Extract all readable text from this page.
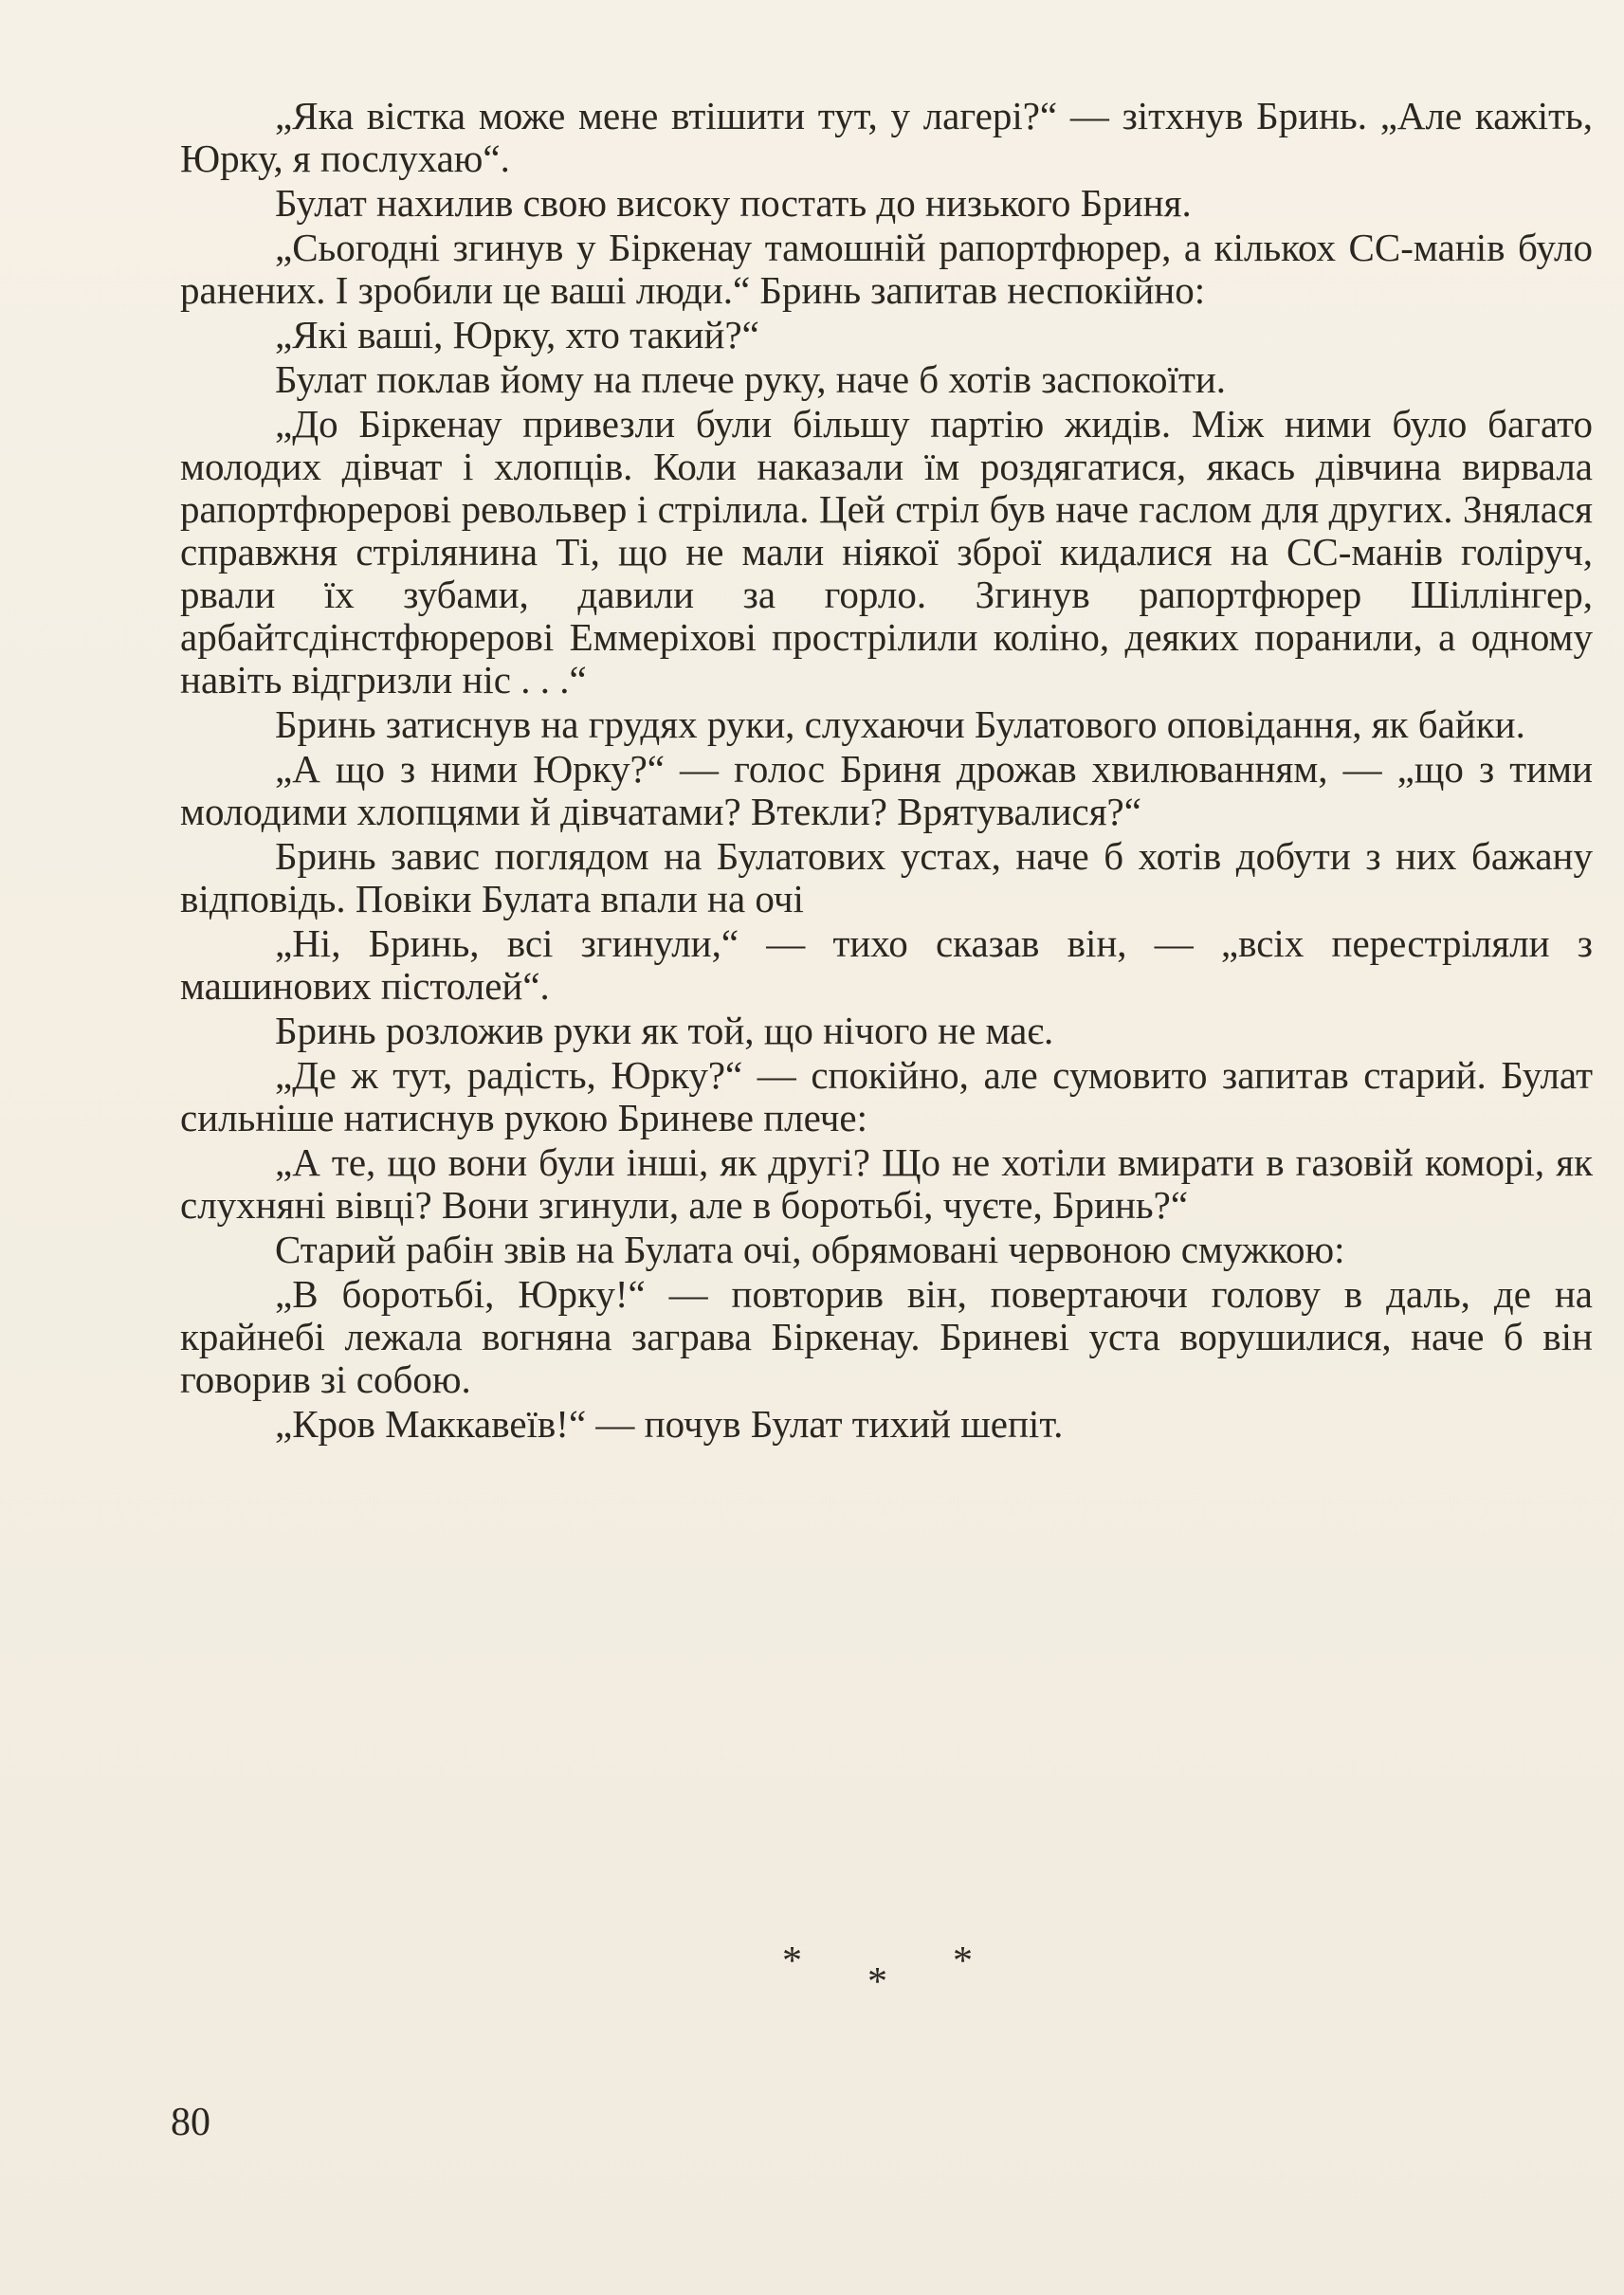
„Яка вістка може мене втішити тут, у лагері?“ — зітхнув Бринь. „Але кажіть, Юрку, я послухаю“.

Булат нахилив свою високу постать до низького Бриня.

„Сьогодні згинув у Біркенау тамошній рапортфюрер, а кількох СС-манів було ранених. І зробили це ваші люди.“ Бринь запитав неспокійно:

„Які ваші, Юрку, хто такий?“

Булат поклав йому на плече руку, наче б хотів заспокоїти.

„До Біркенау привезли були більшу партію жидів. Між ними було багато молодих дівчат і хлопців. Коли наказали їм роздягатися, якась дівчина вирвала рапортфюрерові револьвер і стрілила. Цей стріл був наче гаслом для других. Знялася справжня стрілянина Ті, що не мали ніякої зброї кидалися на СС-манів голіруч, рвали їх зубами, давили за горло. Згинув рапортфюрер Шіллінгер, арбайтсдінстфюрерові Еммеріхові прострілили коліно, деяких поранили, а одному навіть відгризли ніс . . .“

Бринь затиснув на грудях руки, слухаючи Булатового оповідання, як байки.

„А що з ними Юрку?“ — голос Бриня дрожав хвилюванням, — „що з тими молодими хлопцями й дівчатами? Втекли? Врятувалися?“

Бринь завис поглядом на Булатових устах, наче б хотів добути з них бажану відповідь. Повіки Булата впали на очі

„Ні, Бринь, всі згинули,“ — тихо сказав він, — „всіх перестріляли з машинових пістолей“.

Бринь розложив руки як той, що нічого не має.

„Де ж тут, радість, Юрку?“ — спокійно, але сумовито запитав старий. Булат сильніше натиснув рукою Бриневе плече:

„А те, що вони були інші, як другі? Що не хотіли вмирати в газовій коморі, як слухняні вівці? Вони згинули, але в боротьбі, чуєте, Бринь?“

Старий рабін звів на Булата очі, обрямовані червоною смужкою:

„В боротьбі, Юрку!“ — повторив він, повертаючи голову в даль, де на крайнебі лежала вогняна заграва Біркенау. Бриневі уста ворушилися, наче б він говорив зі собою.

„Кров Маккавеїв!“ — почув Булат тихий шепіт.

* * *
80
